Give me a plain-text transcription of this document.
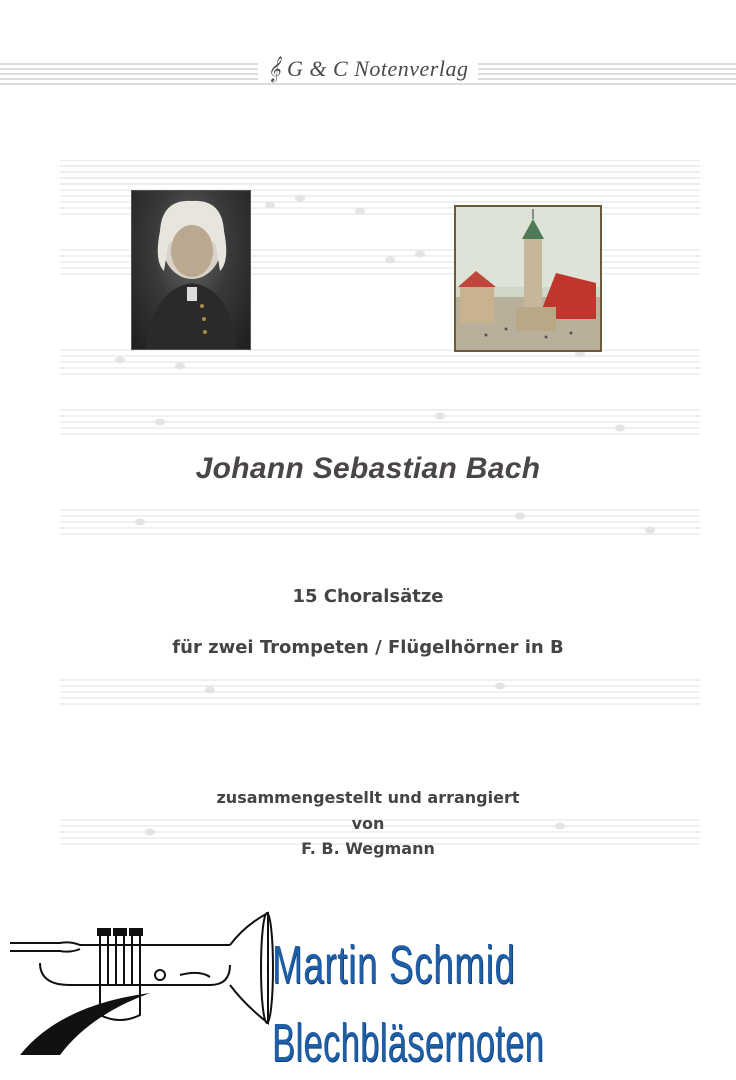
𝄞 G & C Notenverlag
Johann Sebastian Bach
15 Choralsätze
für zwei Trompeten / Flügelhörner in B
zusammengestellt und arrangiert
von
F. B. Wegmann
Martin Schmid
Blechbläsernoten
